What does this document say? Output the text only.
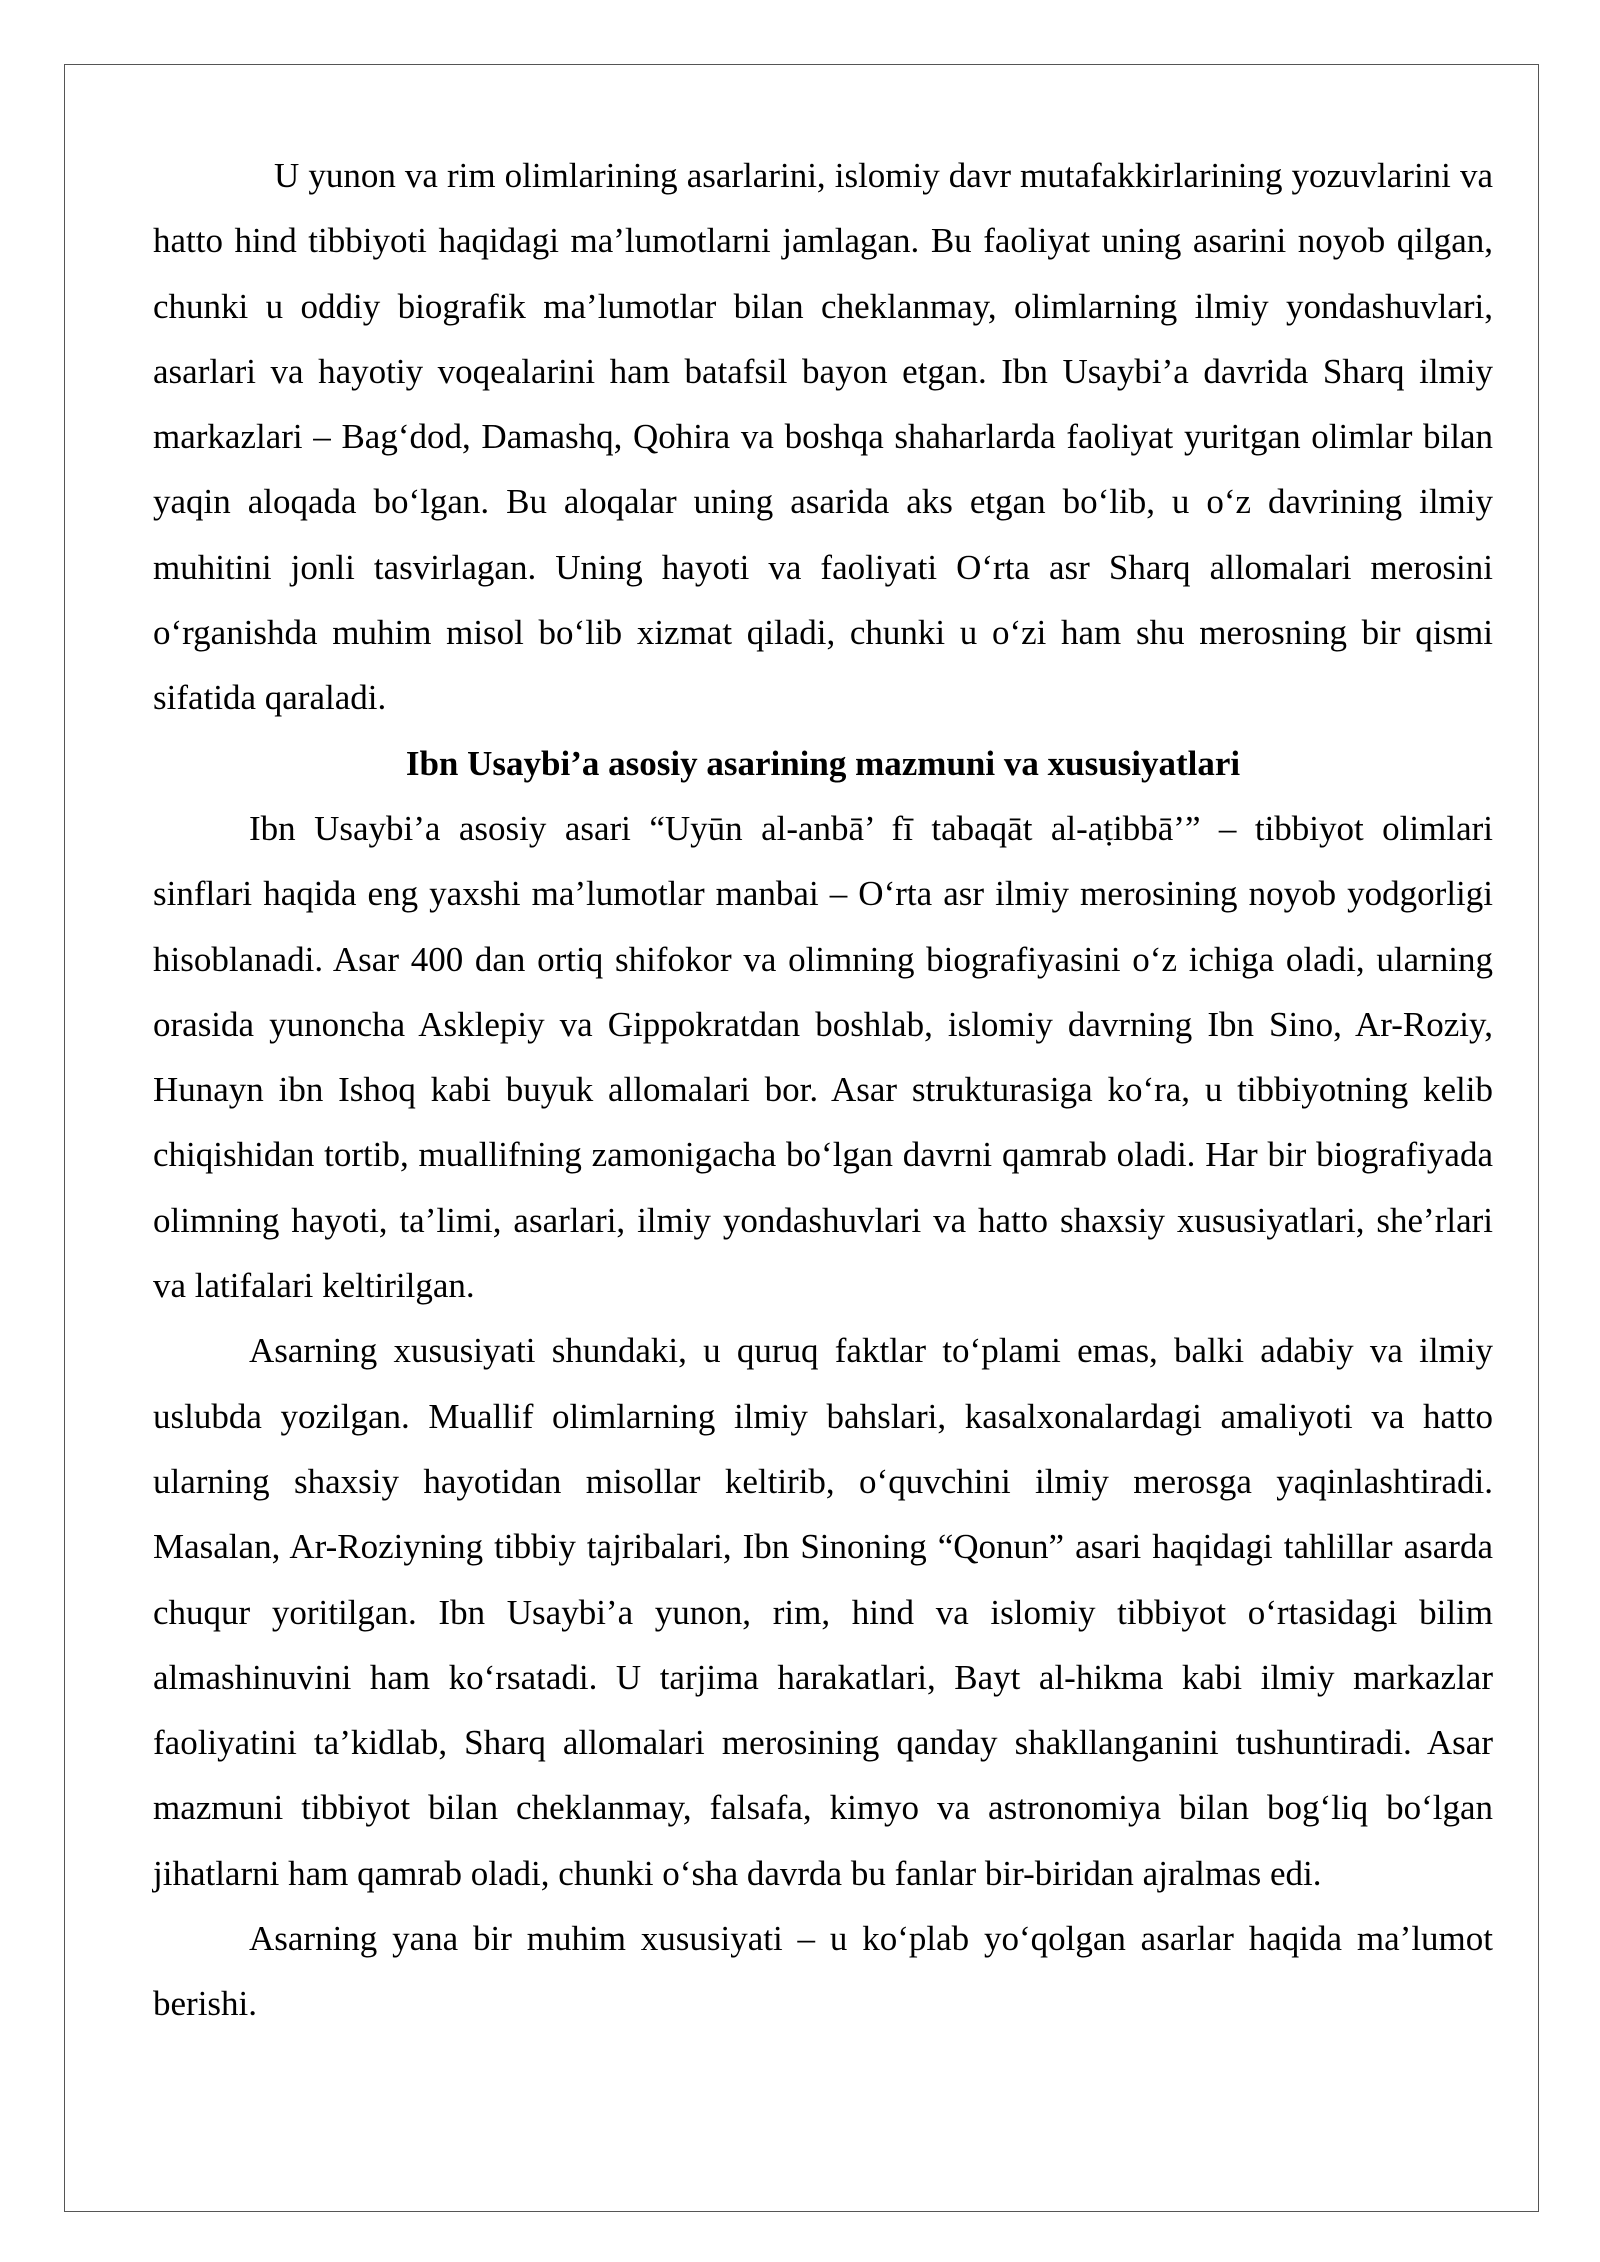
U yunon va rim olimlarining asarlarini, islomiy davr mutafakkirlarining yozuvlarini va hatto hind tibbiyoti haqidagi ma’lumotlarni jamlagan. Bu faoliyat uning asarini noyob qilgan, chunki u oddiy biografik ma’lumotlar bilan cheklanmay, olimlarning ilmiy yondashuvlari, asarlari va hayotiy voqealarini ham batafsil bayon etgan. Ibn Usaybi’a davrida Sharq ilmiy markazlari – Bag‘dod, Damashq, Qohira va boshqa shaharlarda faoliyat yuritgan olimlar bilan yaqin aloqada bo‘lgan. Bu aloqalar uning asarida aks etgan bo‘lib, u o‘z davrining ilmiy muhitini jonli tasvirlagan. Uning hayoti va faoliyati O‘rta asr Sharq allomalari merosini o‘rganishda muhim misol bo‘lib xizmat qiladi, chunki u o‘zi ham shu merosning bir qismi sifatida qaraladi.

Ibn Usaybi’a asosiy asarining mazmuni va xususiyatlari

Ibn Usaybi’a asosiy asari “Uyūn al-anbā’ fī tabaqāt al-aṭibbā’” – tibbiyot olimlari sinflari haqida eng yaxshi ma’lumotlar manbai – O‘rta asr ilmiy merosining noyob yodgorligi hisoblanadi. Asar 400 dan ortiq shifokor va olimning biografiyasini o‘z ichiga oladi, ularning orasida yunoncha Asklepiy va Gippokratdan boshlab, islomiy davrning Ibn Sino, Ar-Roziy, Hunayn ibn Ishoq kabi buyuk allomalari bor. Asar strukturasiga ko‘ra, u tibbiyotning kelib chiqishidan tortib, muallifning zamonigacha bo‘lgan davrni qamrab oladi. Har bir biografiyada olimning hayoti, ta’limi, asarlari, ilmiy yondashuvlari va hatto shaxsiy xususiyatlari, she’rlari va latifalari keltirilgan.

Asarning xususiyati shundaki, u quruq faktlar to‘plami emas, balki adabiy va ilmiy uslubda yozilgan. Muallif olimlarning ilmiy bahslari, kasalxonalardagi amaliyoti va hatto ularning shaxsiy hayotidan misollar keltirib, o‘quvchini ilmiy merosga yaqinlashtiradi. Masalan, Ar-Roziyning tibbiy tajribalari, Ibn Sinoning “Qonun” asari haqidagi tahlillar asarda chuqur yoritilgan. Ibn Usaybi’a yunon, rim, hind va islomiy tibbiyot o‘rtasidagi bilim almashinuvini ham ko‘rsatadi. U tarjima harakatlari, Bayt al-hikma kabi ilmiy markazlar faoliyatini ta’kidlab, Sharq allomalari merosining qanday shakllanganini tushuntiradi. Asar mazmuni tibbiyot bilan cheklanmay, falsafa, kimyo va astronomiya bilan bog‘liq bo‘lgan jihatlarni ham qamrab oladi, chunki o‘sha davrda bu fanlar bir-biridan ajralmas edi.

Asarning yana bir muhim xususiyati – u ko‘plab yo‘qolgan asarlar haqida ma’lumot berishi.
